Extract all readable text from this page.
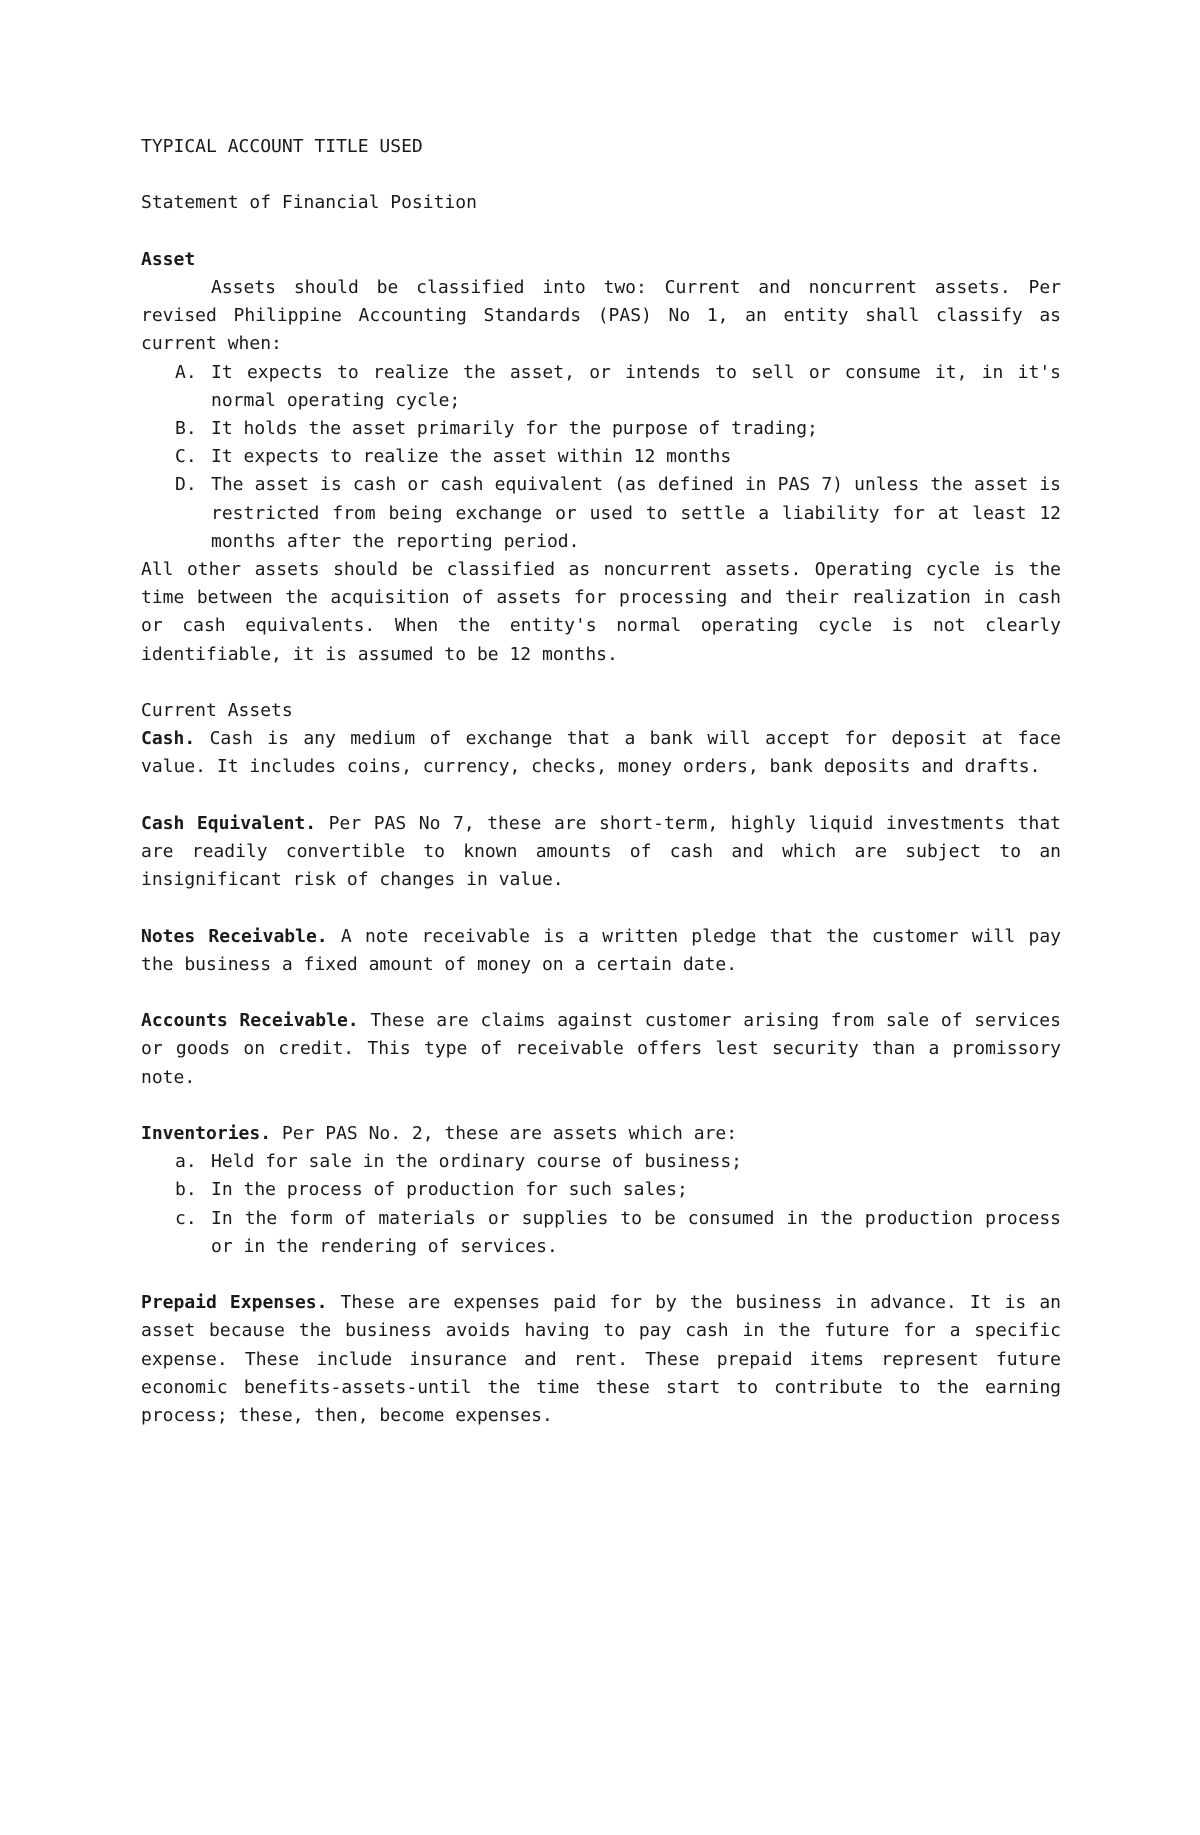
TYPICAL ACCOUNT TITLE USED

Statement of Financial Position

Asset

Assets should be classified into two: Current and noncurrent assets. Per revised Philippine Accounting Standards (PAS) No 1, an entity shall classify as current when:

A. It expects to realize the asset, or intends to sell or consume it, in it's normal operating cycle;
B. It holds the asset primarily for the purpose of trading;
C. It expects to realize the asset within 12 months
D. The asset is cash or cash equivalent (as defined in PAS 7) unless the asset is restricted from being exchange or used to settle a liability for at least 12 months after the reporting period.

All other assets should be classified as noncurrent assets. Operating cycle is the time between the acquisition of assets for processing and their realization in cash or cash equivalents. When the entity's normal operating cycle is not clearly identifiable, it is assumed to be 12 months.

Current Assets

Cash. Cash is any medium of exchange that a bank will accept for deposit at face value. It includes coins, currency, checks, money orders, bank deposits and drafts.

Cash Equivalent. Per PAS No 7, these are short-term, highly liquid investments that are readily convertible to known amounts of cash and which are subject to an insignificant risk of changes in value.

Notes Receivable. A note receivable is a written pledge that the customer will pay the business a fixed amount of money on a certain date.

Accounts Receivable. These are claims against customer arising from sale of services or goods on credit. This type of receivable offers lest security than a promissory note.

Inventories. Per PAS No. 2, these are assets which are:

a. Held for sale in the ordinary course of business;
b. In the process of production for such sales;
c. In the form of materials or supplies to be consumed in the production process or in the rendering of services.

Prepaid Expenses. These are expenses paid for by the business in advance. It is an asset because the business avoids having to pay cash in the future for a specific expense. These include insurance and rent. These prepaid items represent future economic benefits-assets-until the time these start to contribute to the earning process; these, then, become expenses.
